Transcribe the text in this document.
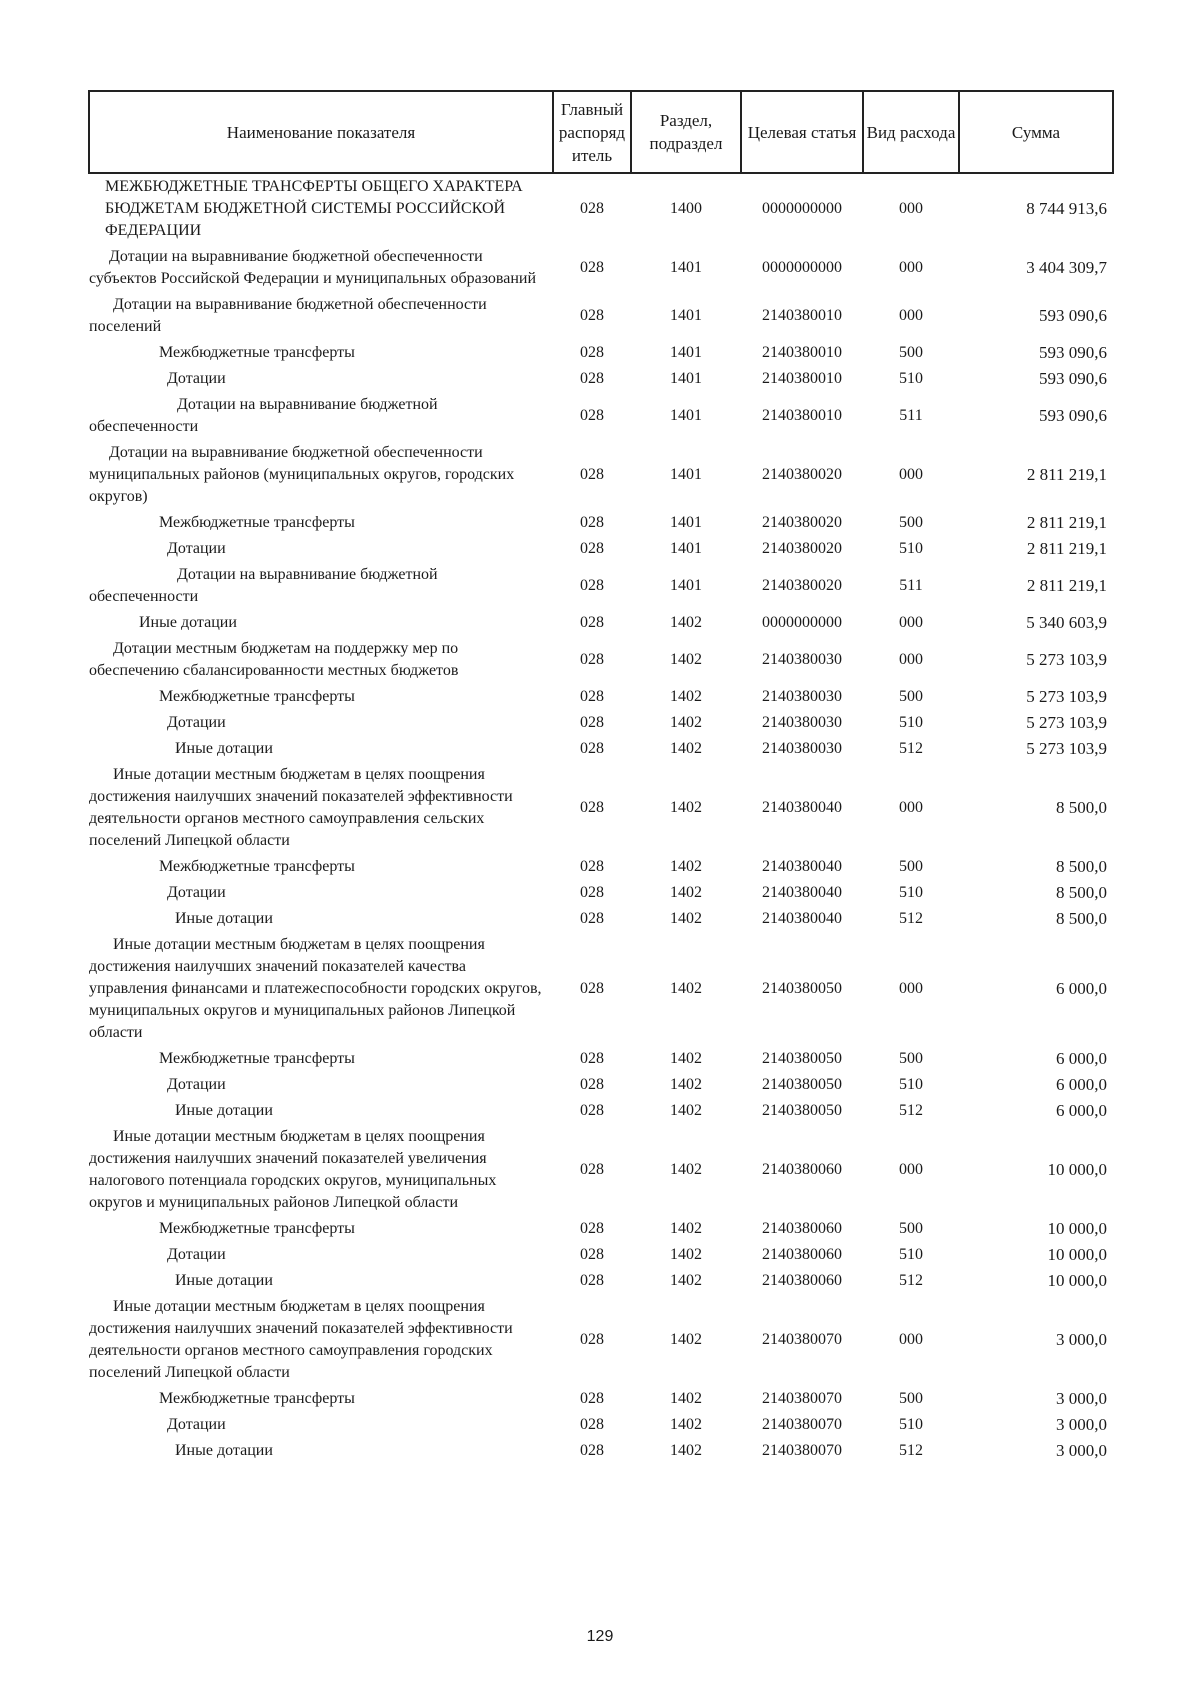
Наименование показателя	Главный распоряд итель	Раздел, подраздел	Целевая статья	Вид расхода	Сумма
МЕЖБЮДЖЕТНЫЕ ТРАНСФЕРТЫ ОБЩЕГО ХАРАКТЕРА БЮДЖЕТАМ БЮДЖЕТНОЙ СИСТЕМЫ РОССИЙСКОЙ ФЕДЕРАЦИИ	028	1400	0000000000	000	8 744 913,6
Дотации на выравнивание бюджетной обеспеченности субъектов Российской Федерации и муниципальных образований	028	1401	0000000000	000	3 404 309,7
Дотации на выравнивание бюджетной обеспеченности поселений	028	1401	2140380010	000	593 090,6
Межбюджетные трансферты	028	1401	2140380010	500	593 090,6
Дотации	028	1401	2140380010	510	593 090,6
Дотации на выравнивание бюджетной обеспеченности	028	1401	2140380010	511	593 090,6
Дотации на выравнивание бюджетной обеспеченности муниципальных районов (муниципальных округов, городских округов)	028	1401	2140380020	000	2 811 219,1
Межбюджетные трансферты	028	1401	2140380020	500	2 811 219,1
Дотации	028	1401	2140380020	510	2 811 219,1
Дотации на выравнивание бюджетной обеспеченности	028	1401	2140380020	511	2 811 219,1
Иные дотации	028	1402	0000000000	000	5 340 603,9
Дотации местным бюджетам на поддержку мер по обеспечению сбалансированности местных бюджетов	028	1402	2140380030	000	5 273 103,9
Межбюджетные трансферты	028	1402	2140380030	500	5 273 103,9
Дотации	028	1402	2140380030	510	5 273 103,9
Иные дотации	028	1402	2140380030	512	5 273 103,9
Иные дотации местным бюджетам в целях поощрения достижения наилучших значений показателей эффективности деятельности органов местного самоуправления сельских поселений Липецкой области	028	1402	2140380040	000	8 500,0
Межбюджетные трансферты	028	1402	2140380040	500	8 500,0
Дотации	028	1402	2140380040	510	8 500,0
Иные дотации	028	1402	2140380040	512	8 500,0
Иные дотации местным бюджетам в целях поощрения достижения наилучших значений показателей качества управления финансами и платежеспособности городских округов, муниципальных округов и муниципальных районов Липецкой области	028	1402	2140380050	000	6 000,0
Межбюджетные трансферты	028	1402	2140380050	500	6 000,0
Дотации	028	1402	2140380050	510	6 000,0
Иные дотации	028	1402	2140380050	512	6 000,0
Иные дотации местным бюджетам в целях поощрения достижения наилучших значений показателей увеличения налогового потенциала городских округов, муниципальных округов и муниципальных районов Липецкой области	028	1402	2140380060	000	10 000,0
Межбюджетные трансферты	028	1402	2140380060	500	10 000,0
Дотации	028	1402	2140380060	510	10 000,0
Иные дотации	028	1402	2140380060	512	10 000,0
Иные дотации местным бюджетам в целях поощрения достижения наилучших значений показателей эффективности деятельности органов местного самоуправления городских поселений Липецкой области	028	1402	2140380070	000	3 000,0
Межбюджетные трансферты	028	1402	2140380070	500	3 000,0
Дотации	028	1402	2140380070	510	3 000,0
Иные дотации	028	1402	2140380070	512	3 000,0
129
